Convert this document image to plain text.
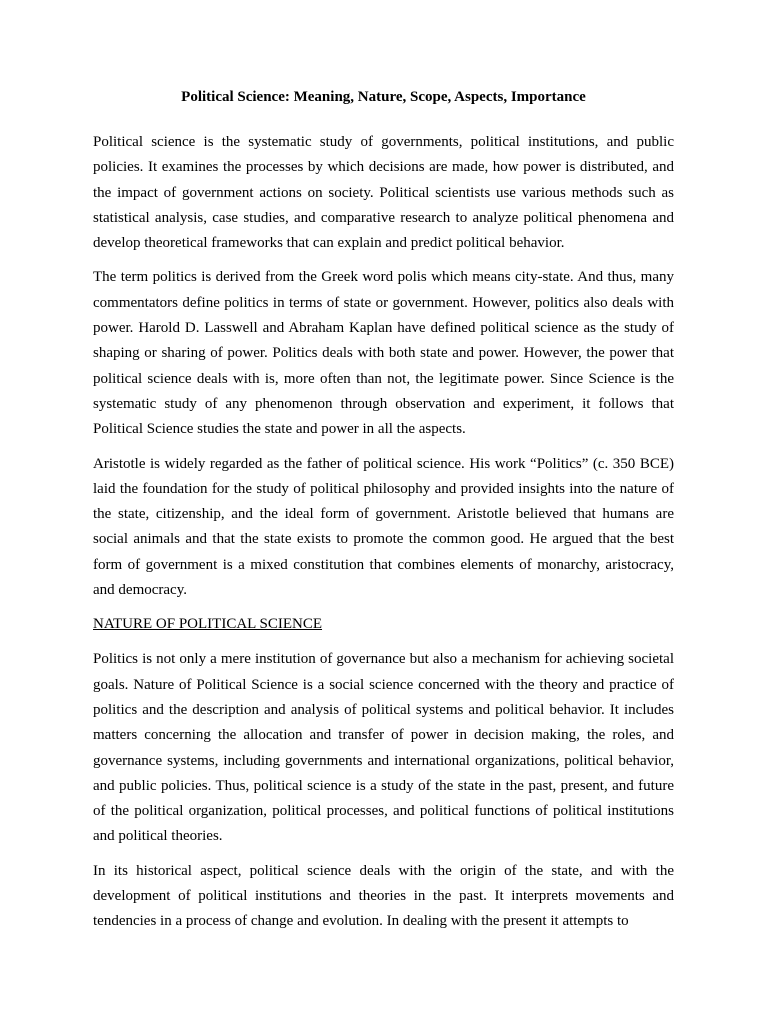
Political Science: Meaning, Nature, Scope, Aspects, Importance

Political science is the systematic study of governments, political institutions, and public policies. It examines the processes by which decisions are made, how power is distributed, and the impact of government actions on society. Political scientists use various methods such as statistical analysis, case studies, and comparative research to analyze political phenomena and develop theoretical frameworks that can explain and predict political behavior.

The term politics is derived from the Greek word polis which means city-state. And thus, many commentators define politics in terms of state or government. However, politics also deals with power. Harold D. Lasswell and Abraham Kaplan have defined political science as the study of shaping or sharing of power. Politics deals with both state and power. However, the power that political science deals with is, more often than not, the legitimate power. Since Science is the systematic study of any phenomenon through observation and experiment, it follows that Political Science studies the state and power in all the aspects.

Aristotle is widely regarded as the father of political science. His work “Politics” (c. 350 BCE) laid the foundation for the study of political philosophy and provided insights into the nature of the state, citizenship, and the ideal form of government. Aristotle believed that humans are social animals and that the state exists to promote the common good. He argued that the best form of government is a mixed constitution that combines elements of monarchy, aristocracy, and democracy.

NATURE OF POLITICAL SCIENCE

Politics is not only a mere institution of governance but also a mechanism for achieving societal goals. Nature of Political Science is a social science concerned with the theory and practice of politics and the description and analysis of political systems and political behavior. It includes matters concerning the allocation and transfer of power in decision making, the roles, and governance systems, including governments and international organizations, political behavior, and public policies. Thus, political science is a study of the state in the past, present, and future of the political organization, political processes, and political functions of political institutions and political theories.

In its historical aspect, political science deals with the origin of the state, and with the development of political institutions and theories in the past. It interprets movements and tendencies in a process of change and evolution. In dealing with the present it attempts to
